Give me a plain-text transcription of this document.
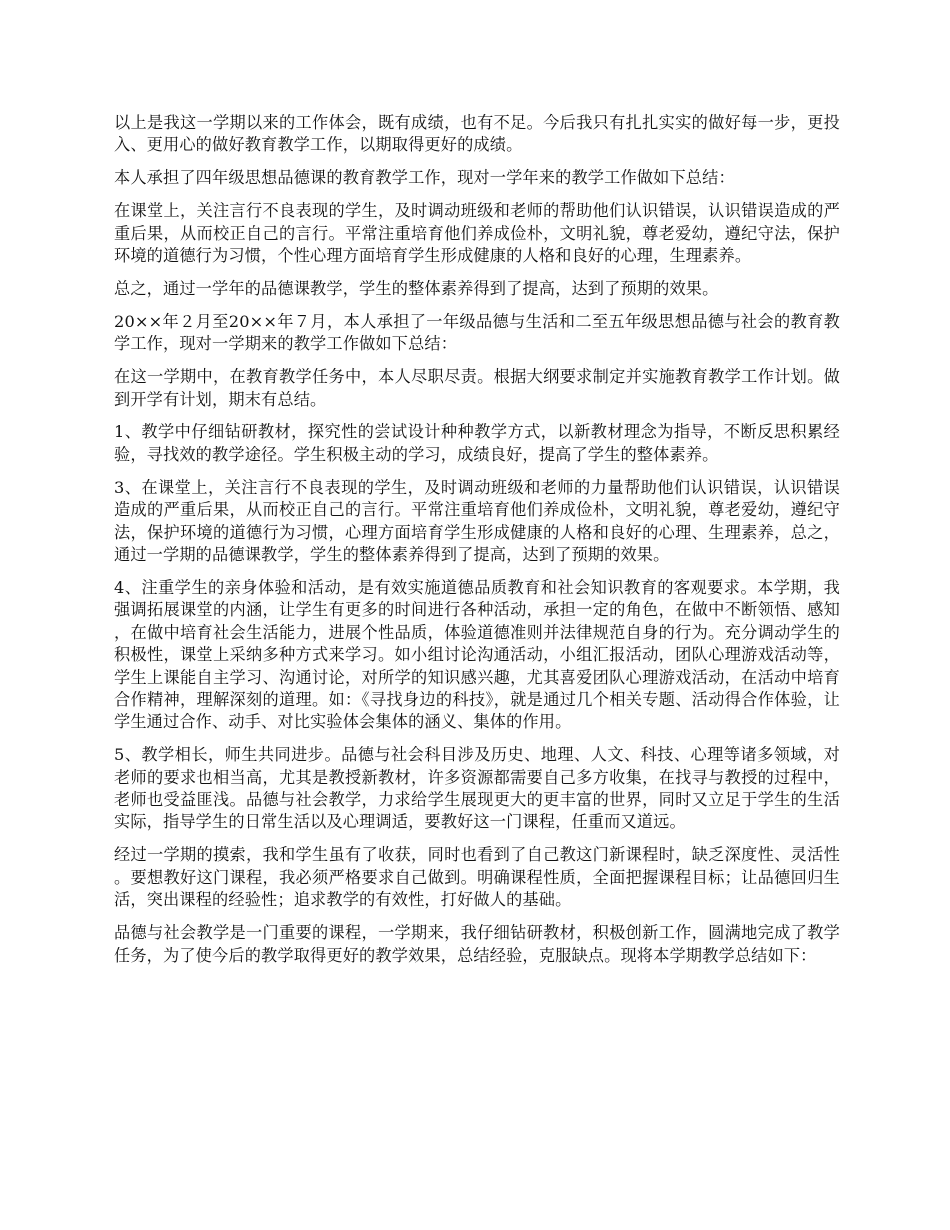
以上是我这一学期以来的工作体会，既有成绩，也有不足。今后我只有扎扎实实的做好每一步，更投入、更用心的做好教育教学工作，以期取得更好的成绩。

本人承担了四年级思想品德课的教育教学工作，现对一学年来的教学工作做如下总结：

在课堂上，关注言行不良表现的学生，及时调动班级和老师的帮助他们认识错误，认识错误造成的严重后果，从而校正自己的言行。平常注重培育他们养成俭朴，文明礼貌，尊老爱幼，遵纪守法，保护环境的道德行为习惯，个性心理方面培育学生形成健康的人格和良好的心理，生理素养。

总之，通过一学年的品德课教学，学生的整体素养得到了提高，达到了预期的效果。

20××年２月至20××年７月，本人承担了一年级品德与生活和二至五年级思想品德与社会的教育教学工作，现对一学期来的教学工作做如下总结：

在这一学期中，在教育教学任务中，本人尽职尽责。根据大纲要求制定并实施教育教学工作计划。做到开学有计划，期末有总结。

1、教学中仔细钻研教材，探究性的尝试设计种种教学方式，以新教材理念为指导，不断反思积累经验，寻找效的教学途径。学生积极主动的学习，成绩良好，提高了学生的整体素养。

3、在课堂上，关注言行不良表现的学生，及时调动班级和老师的力量帮助他们认识错误，认识错误造成的严重后果，从而校正自己的言行。平常注重培育他们养成俭朴，文明礼貌，尊老爱幼，遵纪守法，保护环境的道德行为习惯，心理方面培育学生形成健康的人格和良好的心理、生理素养，总之，通过一学期的品德课教学，学生的整体素养得到了提高，达到了预期的效果。

4、注重学生的亲身体验和活动，是有效实施道德品质教育和社会知识教育的客观要求。本学期，我强调拓展课堂的内涵，让学生有更多的时间进行各种活动，承担一定的角色，在做中不断领悟、感知，在做中培育社会生活能力，进展个性品质，体验道德准则并法律规范自身的行为。充分调动学生的积极性，课堂上采纳多种方式来学习。如小组讨论沟通活动，小组汇报活动，团队心理游戏活动等，学生上课能自主学习、沟通讨论，对所学的知识感兴趣，尤其喜爱团队心理游戏活动，在活动中培育合作精神，理解深刻的道理。如：《寻找身边的科技》，就是通过几个相关专题、活动得合作体验，让学生通过合作、动手、对比实验体会集体的涵义、集体的作用。

5、教学相长，师生共同进步。品德与社会科目涉及历史、地理、人文、科技、心理等诸多领域，对老师的要求也相当高，尤其是教授新教材，许多资源都需要自己多方收集，在找寻与教授的过程中，老师也受益匪浅。品德与社会教学，力求给学生展现更大的更丰富的世界，同时又立足于学生的生活实际，指导学生的日常生活以及心理调适，要教好这一门课程，任重而又道远。

经过一学期的摸索，我和学生虽有了收获，同时也看到了自己教这门新课程时，缺乏深度性、灵活性。要想教好这门课程，我必须严格要求自己做到。明确课程性质，全面把握课程目标；让品德回归生活，突出课程的经验性；追求教学的有效性，打好做人的基础。

品德与社会教学是一门重要的课程，一学期来，我仔细钻研教材，积极创新工作，圆满地完成了教学任务，为了使今后的教学取得更好的教学效果，总结经验，克服缺点。现将本学期教学总结如下：
